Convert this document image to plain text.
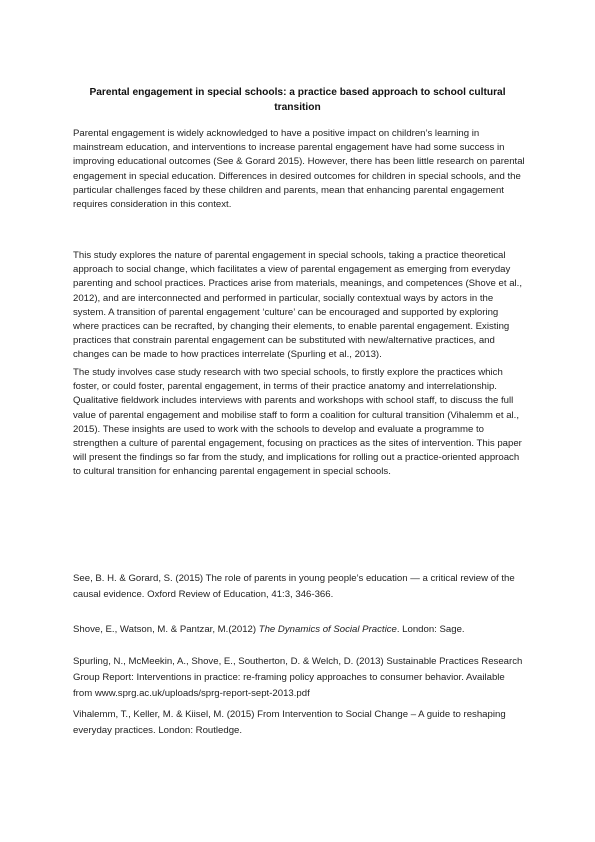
Parental engagement in special schools: a practice based approach to school cultural transition

Parental engagement is widely acknowledged to have a positive impact on children’s learning in mainstream education, and interventions to increase parental engagement have had some success in improving educational outcomes (See & Gorard 2015). However, there has been little research on parental engagement in special education. Differences in desired outcomes for children in special schools, and the particular challenges faced by these children and parents, mean that enhancing parental engagement requires consideration in this context.

This study explores the nature of parental engagement in special schools, taking a practice theoretical approach to social change, which facilitates a view of parental engagement as emerging from everyday parenting and school practices. Practices arise from materials, meanings, and competences (Shove et al., 2012), and are interconnected and performed in particular, socially contextual ways by actors in the system. A transition of parental engagement ‘culture’ can be encouraged and supported by exploring where practices can be recrafted, by changing their elements, to enable parental engagement. Existing practices that constrain parental engagement can be substituted with new/alternative practices, and changes can be made to how practices interrelate (Spurling et al., 2013).

The study involves case study research with two special schools, to firstly explore the practices which foster, or could foster, parental engagement, in terms of their practice anatomy and interrelationship. Qualitative fieldwork includes interviews with parents and workshops with school staff, to discuss the full value of parental engagement and mobilise staff to form a coalition for cultural transition (Vihalemm et al., 2015). These insights are used to work with the schools to develop and evaluate a programme to strengthen a culture of parental engagement, focusing on practices as the sites of intervention. This paper will present the findings so far from the study, and implications for rolling out a practice-oriented approach to cultural transition for enhancing parental engagement in special schools.

See, B. H. & Gorard, S. (2015) The role of parents in young people’s education — a critical review of the causal evidence. Oxford Review of Education, 41:3, 346-366.

Shove, E., Watson, M. & Pantzar, M.(2012) The Dynamics of Social Practice. London: Sage.

Spurling, N., McMeekin, A., Shove, E., Southerton, D. & Welch, D. (2013) Sustainable Practices Research Group Report: Interventions in practice: re-framing policy approaches to consumer behavior. Available from www.sprg.ac.uk/uploads/sprg-report-sept-2013.pdf

Vihalemm, T., Keller, M. & Kiisel, M. (2015) From Intervention to Social Change – A guide to reshaping everyday practices. London: Routledge.
